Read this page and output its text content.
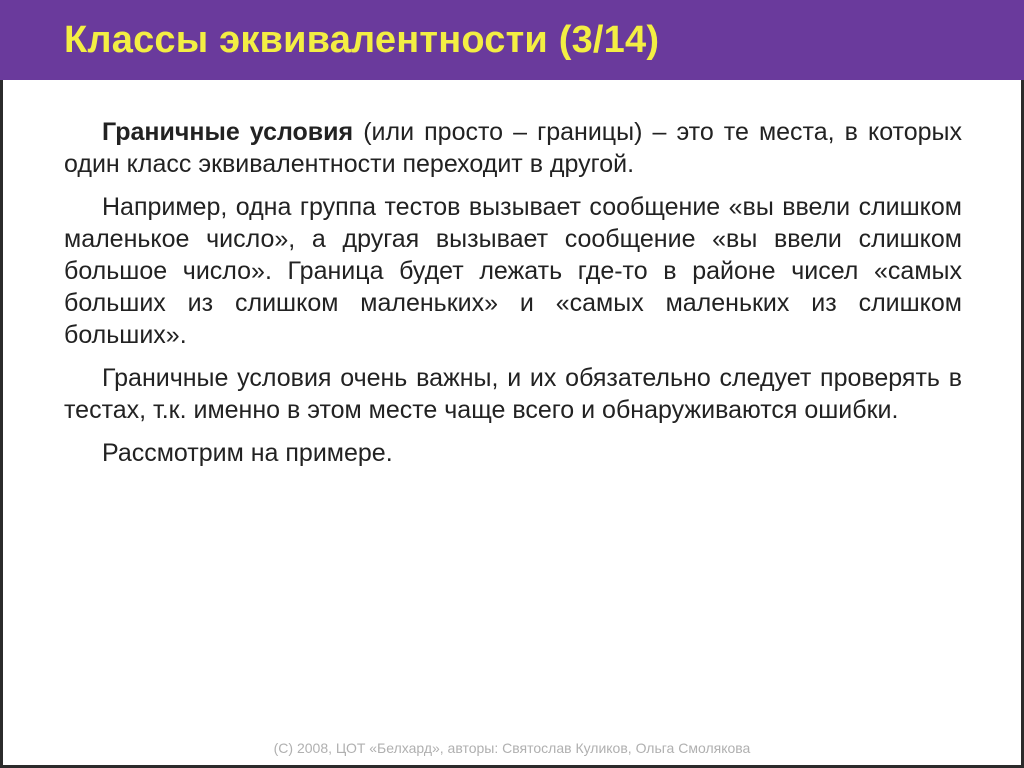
Классы эквивалентности (3/14)

Граничные условия (или просто – границы) – это те места, в которых один класс эквивалентности переходит в другой.

Например, одна группа тестов вызывает сообщение «вы ввели слишком маленькое число», а другая вызывает сообщение «вы ввели слишком большое число». Граница будет лежать где-то в районе чисел «самых больших из слишком маленьких» и «самых маленьких из слишком больших».

Граничные условия очень важны, и их обязательно следует проверять в тестах, т.к. именно в этом месте чаще всего и обнаруживаются ошибки.

Рассмотрим на примере.

(С) 2008, ЦОТ «Белхард», авторы: Святослав Куликов, Ольга Смолякова
